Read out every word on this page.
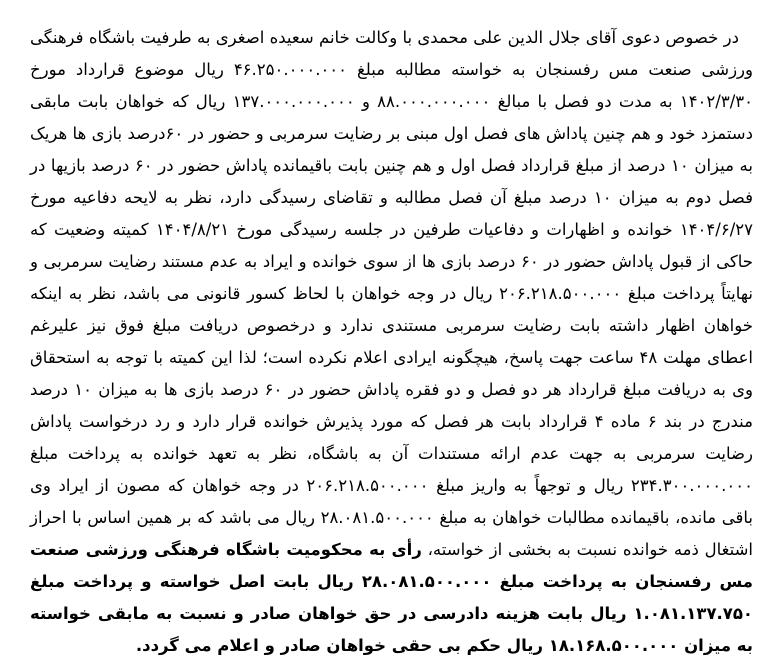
در خصوص دعوی آقای جلال الدین علی محمدی با وکالت خانم سعیده اصغری به طرفیت باشگاه فرهنگی ورزشی صنعت مس رفسنجان به خواسته مطالبه مبلغ ۴۶.۲۵۰.۰۰۰.۰۰۰ ریال موضوع قرارداد مورخ ۱۴۰۲/۳/۳۰ به مدت دو فصل با مبالغ ۸۸.۰۰۰.۰۰۰.۰۰۰ و ۱۳۷.۰۰۰.۰۰۰.۰۰۰ ریال که خواهان بابت مابقی دستمزد خود و هم چنین پاداش های فصل اول مبنی بر رضایت سرمربی و حضور در ۶۰درصد بازی ها هریک به میزان ۱۰ درصد از مبلغ قرارداد فصل اول و هم چنین بابت باقیمانده پاداش حضور در ۶۰ درصد بازیها در فصل دوم به میزان ۱۰ درصد مبلغ آن فصل مطالبه و تقاضای رسیدگی دارد، نظر به لایحه دفاعیه مورخ ۱۴۰۴/۶/۲۷ خوانده و اظهارات و دفاعیات طرفین در جلسه رسیدگی مورخ ۱۴۰۴/۸/۲۱ کمیته وضعیت که حاکی از قبول پاداش حضور در ۶۰ درصد بازی ها از سوی خوانده و ایراد به عدم مستند رضایت سرمربی و نهایتاً پرداخت مبلغ ۲۰۶.۲۱۸.۵۰۰.۰۰۰ ریال در وجه خواهان با لحاظ کسور قانونی می باشد، نظر به اینکه خواهان اظهار داشته بابت رضایت سرمربی مستندی ندارد و درخصوص دریافت مبلغ فوق نیز علیرغم اعطای مهلت ۴۸ ساعت جهت پاسخ، هیچگونه ایرادی اعلام نکرده است؛ لذا این کمیته با توجه به استحقاق وی به دریافت مبلغ قرارداد هر دو فصل و دو فقره پاداش حضور در ۶۰ درصد بازی ها به میزان ۱۰ درصد مندرج در بند ۶ ماده ۴ قرارداد بابت هر فصل که مورد پذیرش خوانده قرار دارد و رد درخواست پاداش رضایت سرمربی به جهت عدم ارائه مستندات آن به باشگاه، نظر به تعهد خوانده به پرداخت مبلغ ۲۳۴.۳۰۰.۰۰۰.۰۰۰ ریال و توجهاً به واریز مبلغ ۲۰۶.۲۱۸.۵۰۰.۰۰۰ در وجه خواهان که مصون از ایراد وی باقی مانده، باقیمانده مطالبات خواهان به مبلغ ۲۸.۰۸۱.۵۰۰.۰۰۰ ریال می باشد که بر همین اساس با احراز اشتغال ذمه خوانده نسبت به بخشی از خواسته، رأی به محکومیت باشگاه فرهنگی ورزشی صنعت مس رفسنجان به پرداخت مبلغ ۲۸.۰۸۱.۵۰۰.۰۰۰ ریال بابت اصل خواسته و پرداخت مبلغ ۱.۰۸۱.۱۳۷.۷۵۰ ریال بابت هزینه دادرسی در حق خواهان صادر و نسبت به مابقی خواسته به میزان ۱۸.۱۶۸.۵۰۰.۰۰۰ ریال حکم بی حقی خواهان صادر و اعلام می گردد.
